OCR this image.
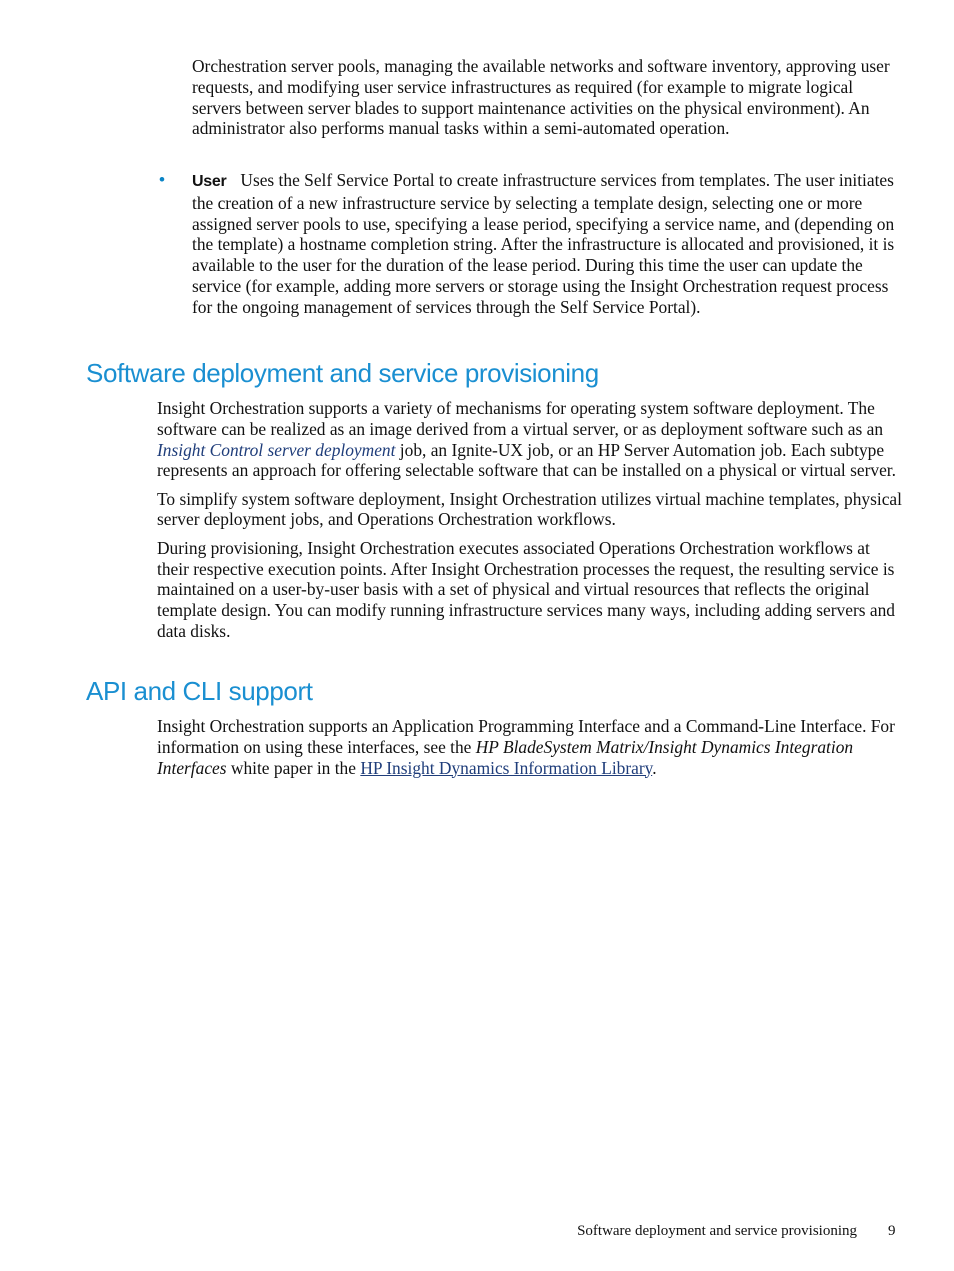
Orchestration server pools, managing the available networks and software inventory, approving user requests, and modifying user service infrastructures as required (for example to migrate logical servers between server blades to support maintenance activities on the physical environment). An administrator also performs manual tasks within a semi-automated operation.

• User Uses the Self Service Portal to create infrastructure services from templates. The user initiates the creation of a new infrastructure service by selecting a template design, selecting one or more assigned server pools to use, specifying a lease period, specifying a service name, and (depending on the template) a hostname completion string. After the infrastructure is allocated and provisioned, it is available to the user for the duration of the lease period. During this time the user can update the service (for example, adding more servers or storage using the Insight Orchestration request process for the ongoing management of services through the Self Service Portal).

Software deployment and service provisioning

Insight Orchestration supports a variety of mechanisms for operating system software deployment. The software can be realized as an image derived from a virtual server, or as deployment software such as an Insight Control server deployment job, an Ignite-UX job, or an HP Server Automation job. Each subtype represents an approach for offering selectable software that can be installed on a physical or virtual server.

To simplify system software deployment, Insight Orchestration utilizes virtual machine templates, physical server deployment jobs, and Operations Orchestration workflows.

During provisioning, Insight Orchestration executes associated Operations Orchestration workflows at their respective execution points. After Insight Orchestration processes the request, the resulting service is maintained on a user-by-user basis with a set of physical and virtual resources that reflects the original template design. You can modify running infrastructure services many ways, including adding servers and data disks.

API and CLI support

Insight Orchestration supports an Application Programming Interface and a Command-Line Interface. For information on using these interfaces, see the HP BladeSystem Matrix/Insight Dynamics Integration Interfaces white paper in the HP Insight Dynamics Information Library.

Software deployment and service provisioning 9
